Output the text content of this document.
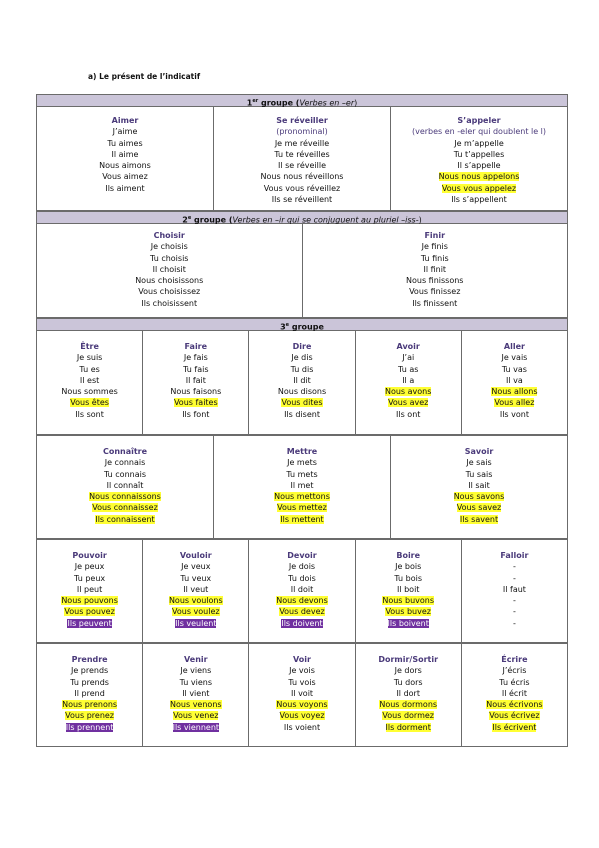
a) Le présent de l’indicatif
1er groupe (Verbes en –er)
Aimer
J’aime
Tu aimes
Il aime
Nous aimons
Vous aimez
Ils aiment
Se réveiller
(pronominal)
Je me réveille
Tu te réveilles
Il se réveille
Nous nous réveillons
Vous vous réveillez
Ils se réveillent
S’appeler
(verbes en -eler qui doublent le l)
Je m’appelle
Tu t’appelles
Il s’appelle
Nous nous appelons
Vous vous appelez
Ils s’appellent
2e groupe (Verbes en –ir qui se conjuguent au pluriel –iss-)
Choisir
Je choisis
Tu choisis
Il choisit
Nous choisissons
Vous choisissez
Ils choisissent
Finir
Je finis
Tu finis
Il finit
Nous finissons
Vous finissez
Ils finissent
3e groupe
Être
Je suis
Tu es
Il est
Nous sommes
Vous êtes
Ils sont
Faire
Je fais
Tu fais
Il fait
Nous faisons
Vous faites
Ils font
Dire
Je dis
Tu dis
Il dit
Nous disons
Vous dites
Ils disent
Avoir
J’ai
Tu as
Il a
Nous avons
Vous avez
Ils ont
Aller
Je vais
Tu vas
Il va
Nous allons
Vous allez
Ils vont
Connaître
Je connais
Tu connais
Il connaît
Nous connaissons
Vous connaissez
Ils connaissent
Mettre
Je mets
Tu mets
Il met
Nous mettons
Vous mettez
Ils mettent
Savoir
Je sais
Tu sais
Il sait
Nous savons
Vous savez
Ils savent
Pouvoir
Je peux
Tu peux
Il peut
Nous pouvons
Vous pouvez
Ils peuvent
Vouloir
Je veux
Tu veux
Il veut
Nous voulons
Vous voulez
Ils veulent
Devoir
Je dois
Tu dois
Il doit
Nous devons
Vous devez
Ils doivent
Boire
Je bois
Tu bois
Il boit
Nous buvons
Vous buvez
Ils boivent
Falloir
-
-
Il faut
-
-
-
Prendre
Je prends
Tu prends
Il prend
Nous prenons
Vous prenez
Ils prennent
Venir
Je viens
Tu viens
Il vient
Nous venons
Vous venez
Ils viennent
Voir
Je vois
Tu vois
Il voit
Nous voyons
Vous voyez
Ils voient
Dormir/Sortir
Je dors
Tu dors
Il dort
Nous dormons
Vous dormez
Ils dorment
Écrire
J’écris
Tu écris
Il écrit
Nous écrivons
Vous écrivez
Ils écrivent
